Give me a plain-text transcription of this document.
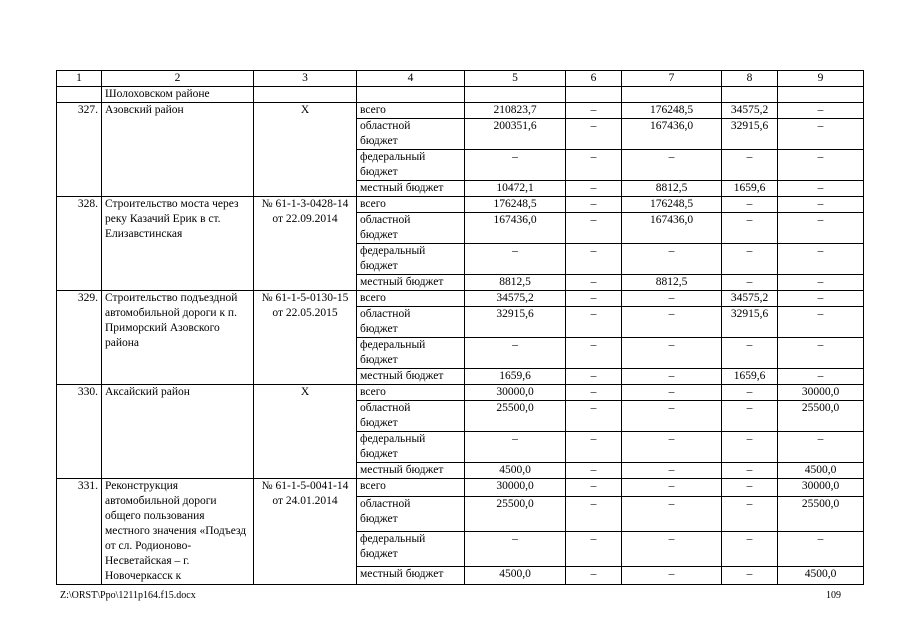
1	2	3	4	5	6	7	8	9
	Шолоховском районе							
327.	Азовский район	Х	всего	210823,7	–	176248,5	34575,2	–
			областной бюджет	200351,6	–	167436,0	32915,6	–
			федеральный бюджет	–	–	–	–	–
			местный бюджет	10472,1	–	8812,5	1659,6	–
328.	Строительство моста через реку Казачий Ерик в ст. Елизавстинская	№ 61-1-3-0428-14 от 22.09.2014	всего	176248,5	–	176248,5	–	–
			областной бюджет	167436,0	–	167436,0	–	–
			федеральный бюджет	–	–	–	–	–
			местный бюджет	8812,5	–	8812,5	–	–
329.	Строительство подъездной автомобильной дороги к п. Приморский Азовского района	№ 61-1-5-0130-15 от 22.05.2015	всего	34575,2	–	–	34575,2	–
			областной бюджет	32915,6	–	–	32915,6	–
			федеральный бюджет	–	–	–	–	–
			местный бюджет	1659,6	–	–	1659,6	–
330.	Аксайский район	Х	всего	30000,0	–	–	–	30000,0
			областной бюджет	25500,0	–	–	–	25500,0
			федеральный бюджет	–	–	–	–	–
			местный бюджет	4500,0	–	–	–	4500,0
331.	Реконструкция автомобильной дороги общего пользования местного значения «Подъезд от сл. Родионово-Несветайская – г. Новочеркасск к	№ 61-1-5-0041-14 от 24.01.2014	всего	30000,0	–	–	–	30000,0
			областной бюджет	25500,0	–	–	–	25500,0
			федеральный бюджет	–	–	–	–	–
			местный бюджет	4500,0	–	–	–	4500,0
Z:\ORST\Ppo\1211p164.f15.docx	109
